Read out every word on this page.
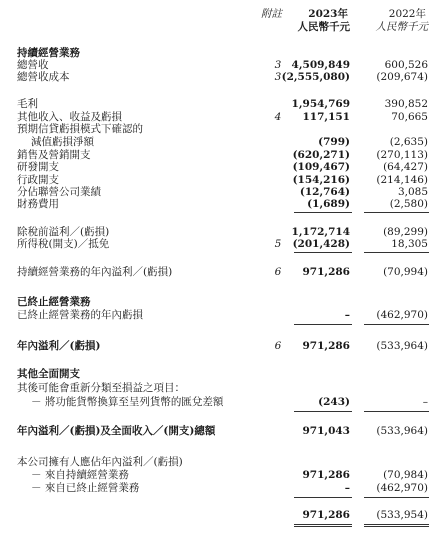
附註	2023年	2022年
人民幣千元 人民幣千元
持續經營業務
總營收	3 4,509,849	600,526
總營收成本	3 (2,555,080)	(209,674)
毛利	1,954,769	390,852
其他收入、收益及虧損	4	117,151	70,665
預期信貸虧損模式下確認的
減值虧損淨額	(799)	(2,635)
銷售及營銷開支	(620,271)	(270,113)
研發開支	(109,467)	(64,427)
行政開支	(154,216)	(214,146)
分佔聯營公司業績	(12,764)	3,085
財務費用	(1,689)	(2,580)
除稅前溢利／(虧損)	1,172,714	(89,299)
所得稅(開支)／抵免	5	(201,428)	18,305
持續經營業務的年內溢利／(虧損)	6	971,286	(70,994)
已終止經營業務
已終止經營業務的年內虧損	–	(462,970)
年內溢利／(虧損)	6	971,286	(533,964)
其他全面開支
其後可能會重新分類至損益之項目：
－ 將功能貨幣換算至呈列貨幣的匯兌差額	(243)	–
年內溢利／(虧損)及全面收入／(開支)總額	971,043	(533,964)
本公司擁有人應佔年內溢利／(虧損)
－ 來自持續經營業務	971,286	(70,984)
－ 來自已終止經營業務	–	(462,970)
971,286	(533,954)
